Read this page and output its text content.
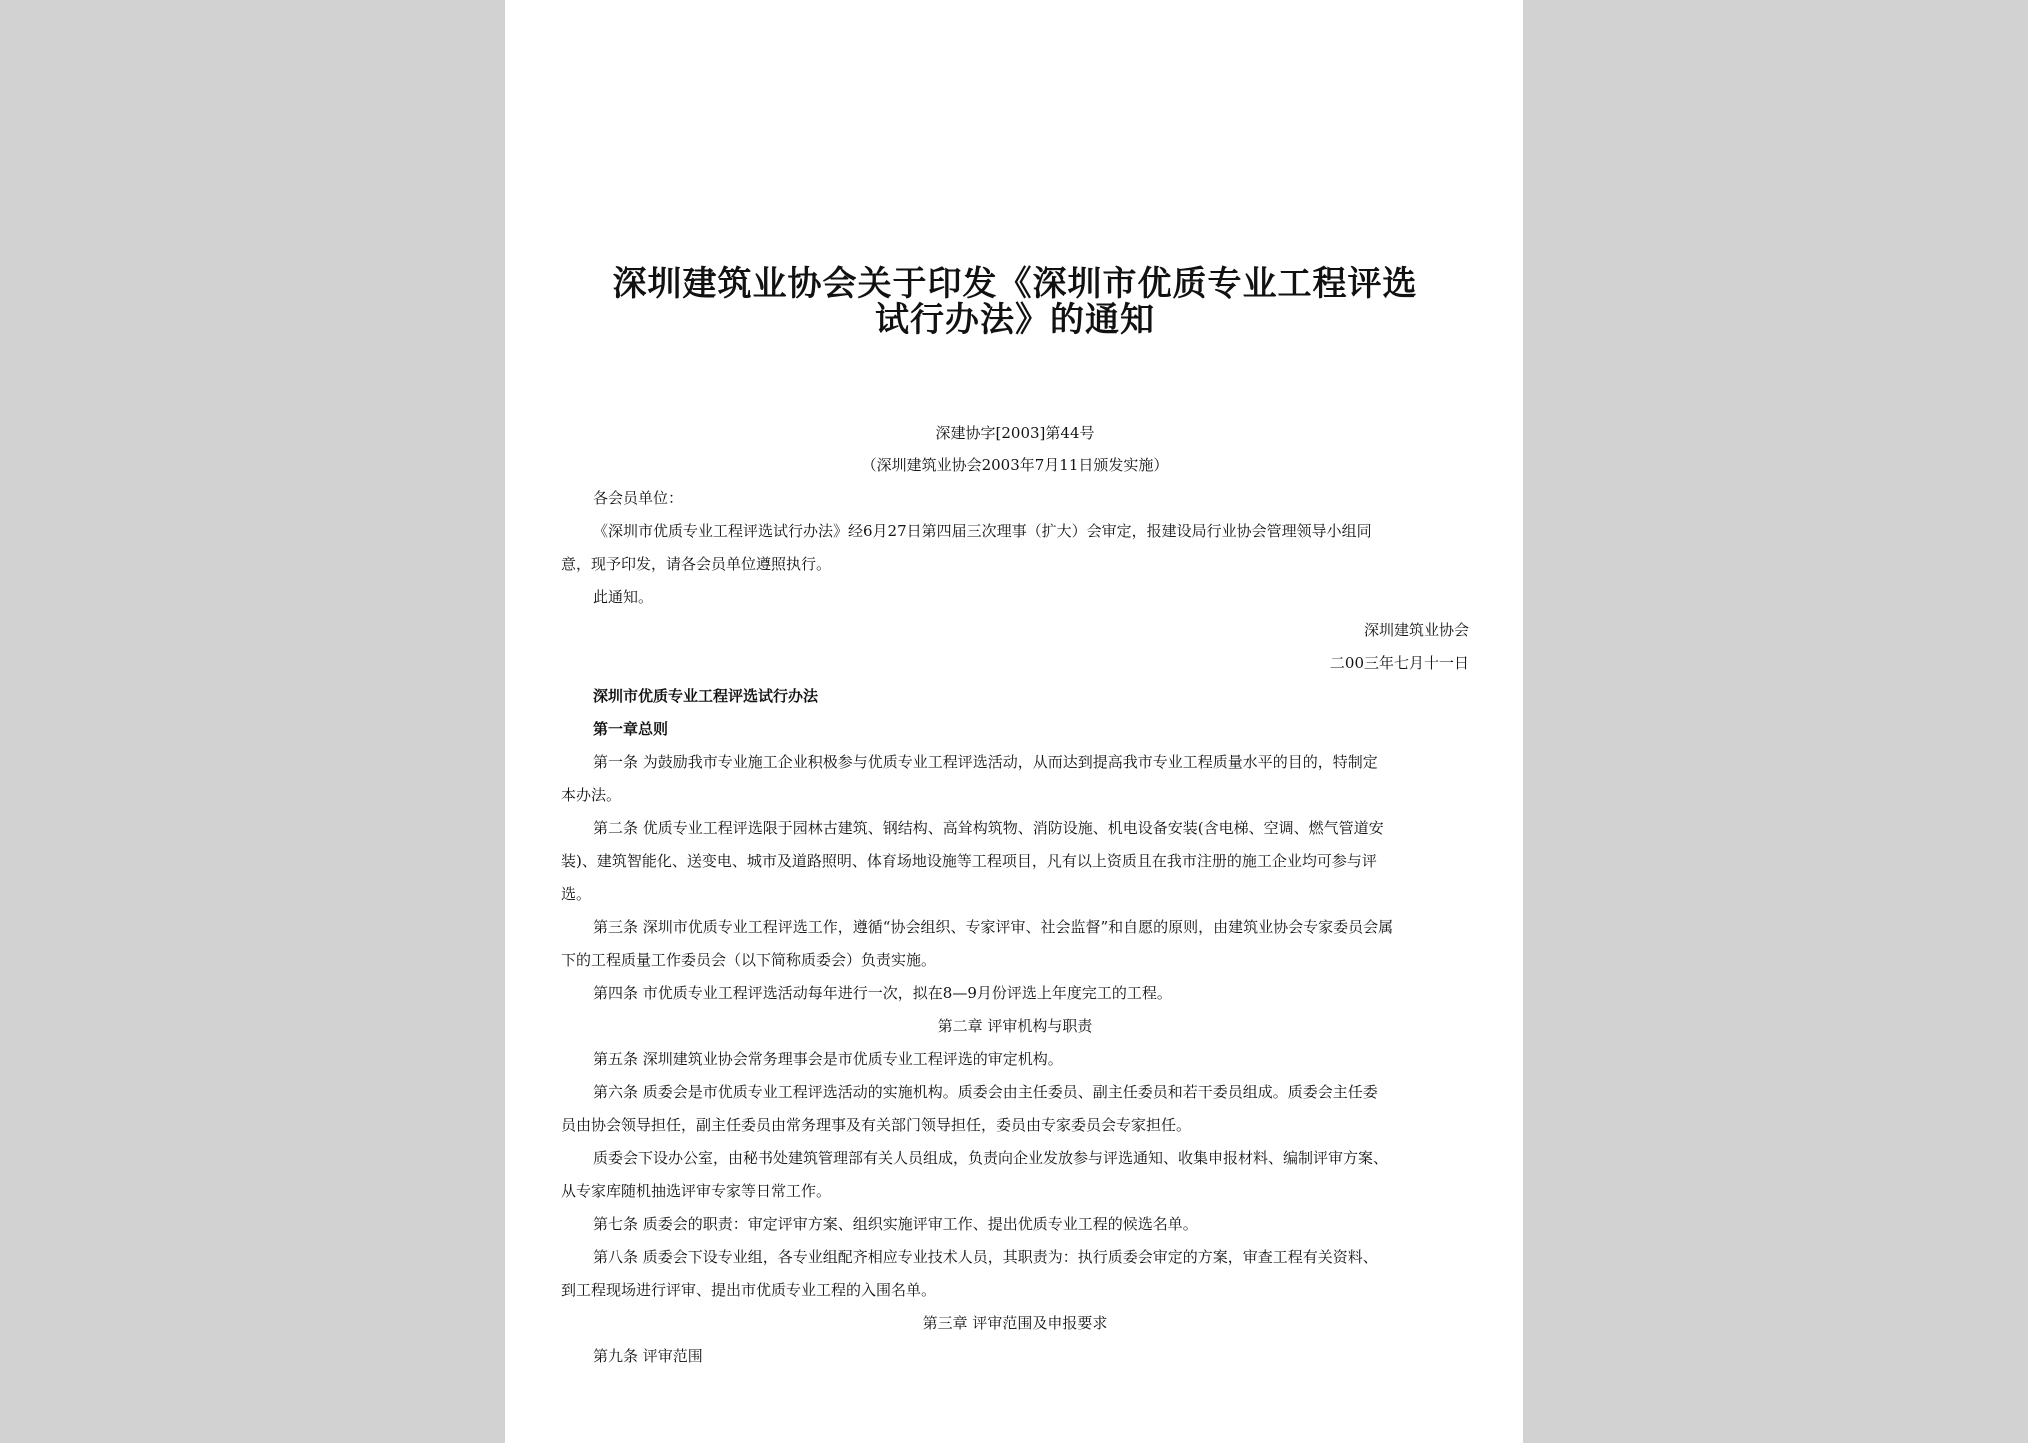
深圳建筑业协会关于印发《深圳市优质专业工程评选
试行办法》的通知
深建协字[2003]第44号
（深圳建筑业协会2003年7月11日颁发实施）
各会员单位：
《深圳市优质专业工程评选试行办法》经6月27日第四届三次理事（扩大）会审定，报建设局行业协会管理领导小组同
意，现予印发，请各会员单位遵照执行。
此通知。
深圳建筑业协会
二00三年七月十一日
深圳市优质专业工程评选试行办法
第一章总则
第一条 为鼓励我市专业施工企业积极参与优质专业工程评选活动，从而达到提高我市专业工程质量水平的目的，特制定
本办法。
第二条 优质专业工程评选限于园林古建筑、钢结构、高耸构筑物、消防设施、机电设备安装(含电梯、空调、燃气管道安
装)、建筑智能化、送变电、城市及道路照明、体育场地设施等工程项目，凡有以上资质且在我市注册的施工企业均可参与评
选。
第三条 深圳市优质专业工程评选工作，遵循“协会组织、专家评审、社会监督”和自愿的原则，由建筑业协会专家委员会属
下的工程质量工作委员会（以下简称质委会）负责实施。
第四条 市优质专业工程评选活动每年进行一次，拟在8—9月份评选上年度完工的工程。
第二章 评审机构与职责
第五条 深圳建筑业协会常务理事会是市优质专业工程评选的审定机构。
第六条 质委会是市优质专业工程评选活动的实施机构。质委会由主任委员、副主任委员和若干委员组成。质委会主任委
员由协会领导担任，副主任委员由常务理事及有关部门领导担任，委员由专家委员会专家担任。
质委会下设办公室，由秘书处建筑管理部有关人员组成，负责向企业发放参与评选通知、收集申报材料、编制评审方案、
从专家库随机抽选评审专家等日常工作。
第七条 质委会的职责：审定评审方案、组织实施评审工作、提出优质专业工程的候选名单。
第八条 质委会下设专业组，各专业组配齐相应专业技术人员，其职责为：执行质委会审定的方案，审查工程有关资料、
到工程现场进行评审、提出市优质专业工程的入围名单。
第三章 评审范围及申报要求
第九条 评审范围
